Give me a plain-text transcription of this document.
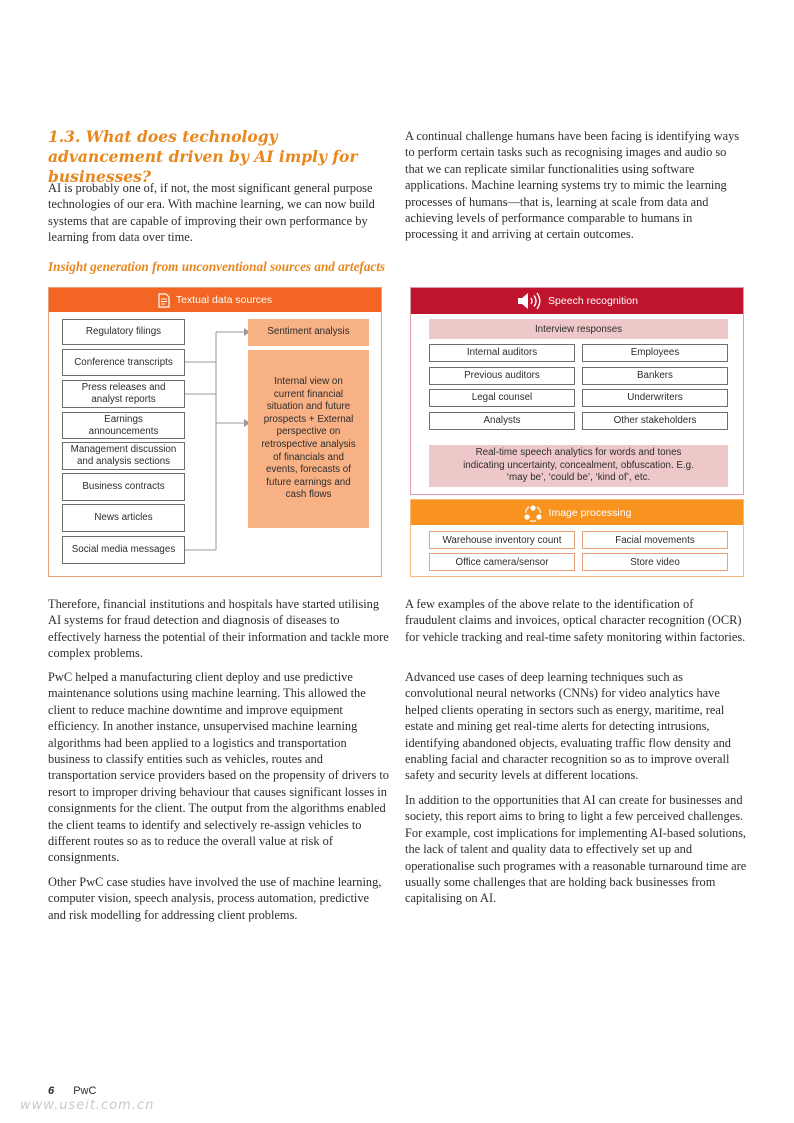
1.3. What does technology advancement driven by AI imply for businesses?

AI is probably one of, if not, the most significant general purpose technologies of our era. With machine learning, we can now build systems that are capable of improving their own performance by learning from data over time.

A continual challenge humans have been facing is identifying ways to perform certain tasks such as recognising images and audio so that we can replicate similar functionalities using software applications. Machine learning systems try to mimic the learning processes of humans—that is, learning at scale from data and achieving levels of performance comparable to humans in processing it and arriving at certain outcomes.

Insight generation from unconventional sources and artefacts
Textual data sources
Regulatory filings
Conference transcripts
Press releases and analyst reports
Earnings announcements
Management discussion and analysis sections
Business contracts
News articles
Social media messages
Sentiment analysis
Internal view on current financial situation and future prospects + External perspective on retrospective analysis of financials and events, forecasts of future earnings and cash flows
Speech recognition
Interview responses
Internal auditors	Employees
Previous auditors	Bankers
Legal counsel	Underwriters
Analysts	Other stakeholders
Real-time speech analytics for words and tones indicating uncertainty, concealment, obfuscation. E.g. ‘may be’, ‘could be’, ‘kind of’, etc.
Image processing
Warehouse inventory count	Facial movements
Office camera/sensor	Store video

Therefore, financial institutions and hospitals have started utilising AI systems for fraud detection and diagnosis of diseases to effectively harness the potential of their information and tackle more complex problems.

PwC helped a manufacturing client deploy and use predictive maintenance solutions using machine learning. This allowed the client to reduce machine downtime and improve equipment efficiency. In another instance, unsupervised machine learning algorithms had been applied to a logistics and transportation business to classify entities such as vehicles, routes and transportation service providers based on the propensity of drivers to resort to improper driving behaviour that causes significant losses in consignments for the client. The output from the algorithms enabled the client teams to identify and selectively re-assign vehicles to different routes so as to reduce the overall value at risk of consignments.

Other PwC case studies have involved the use of machine learning, computer vision, speech analysis, process automation, predictive and risk modelling for addressing client problems.

A few examples of the above relate to the identification of fraudulent claims and invoices, optical character recognition (OCR) for vehicle tracking and real-time safety monitoring within factories.

Advanced use cases of deep learning techniques such as convolutional neural networks (CNNs) for video analytics have helped clients operating in sectors such as energy, maritime, real estate and mining get real-time alerts for detecting intrusions, identifying abandoned objects, evaluating traffic flow density and enabling facial and character recognition so as to improve overall safety and security levels at different locations.

In addition to the opportunities that AI can create for businesses and society, this report aims to bring to light a few perceived challenges. For example, cost implications for implementing AI-based solutions, the lack of talent and quality data to effectively set up and operationalise such programes with a reasonable turnaround time are usually some challenges that are holding back businesses from capitalising on AI.

6 PwC
www.useit.com.cn
